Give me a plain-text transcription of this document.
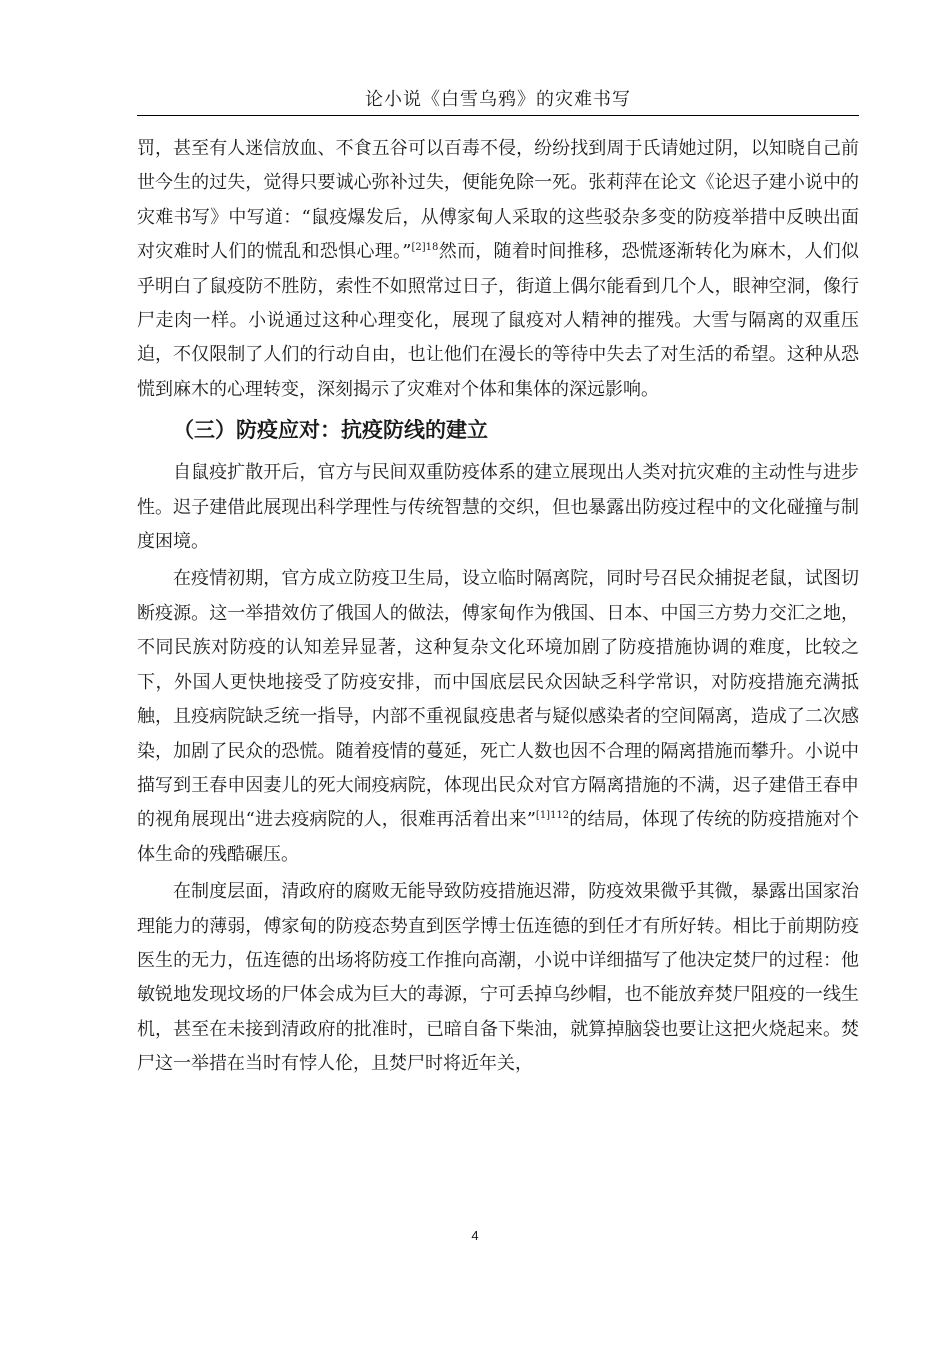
论小说《白雪乌鸦》的灾难书写

罚，甚至有人迷信放血、不食五谷可以百毒不侵，纷纷找到周于氏请她过阴，以知晓自己前世今生的过失，觉得只要诚心弥补过失，便能免除一死。张莉萍在论文《论迟子建小说中的灾难书写》中写道：“鼠疫爆发后，从傅家甸人采取的这些驳杂多变的防疫举措中反映出面对灾难时人们的慌乱和恐惧心理。”$^{[2]18}$然而，随着时间推移，恐慌逐渐转化为麻木，人们似乎明白了鼠疫防不胜防，索性不如照常过日子，街道上偶尔能看到几个人，眼神空洞，像行尸走肉一样。小说通过这种心理变化，展现了鼠疫对人精神的摧残。大雪与隔离的双重压迫，不仅限制了人们的行动自由，也让他们在漫长的等待中失去了对生活的希望。这种从恐慌到麻木的心理转变，深刻揭示了灾难对个体和集体的深远影响。

（三）防疫应对：抗疫防线的建立

自鼠疫扩散开后，官方与民间双重防疫体系的建立展现出人类对抗灾难的主动性与进步性。迟子建借此展现出科学理性与传统智慧的交织，但也暴露出防疫过程中的文化碰撞与制度困境。

在疫情初期，官方成立防疫卫生局，设立临时隔离院，同时号召民众捕捉老鼠，试图切断疫源。这一举措效仿了俄国人的做法，傅家甸作为俄国、日本、中国三方势力交汇之地，不同民族对防疫的认知差异显著，这种复杂文化环境加剧了防疫措施协调的难度，比较之下，外国人更快地接受了防疫安排，而中国底层民众因缺乏科学常识，对防疫措施充满抵触，且疫病院缺乏统一指导，内部不重视鼠疫患者与疑似感染者的空间隔离，造成了二次感染，加剧了民众的恐慌。随着疫情的蔓延，死亡人数也因不合理的隔离措施而攀升。小说中描写到王春申因妻儿的死大闹疫病院，体现出民众对官方隔离措施的不满，迟子建借王春申的视角展现出“进去疫病院的人，很难再活着出来”$^{[1]112}$的结局，体现了传统的防疫措施对个体生命的残酷碾压。

在制度层面，清政府的腐败无能导致防疫措施迟滞，防疫效果微乎其微，暴露出国家治理能力的薄弱，傅家甸的防疫态势直到医学博士伍连德的到任才有所好转。相比于前期防疫医生的无力，伍连德的出场将防疫工作推向高潮，小说中详细描写了他决定焚尸的过程：他敏锐地发现坟场的尸体会成为巨大的毒源，宁可丢掉乌纱帽，也不能放弃焚尸阻疫的一线生机，甚至在未接到清政府的批准时，已暗自备下柴油，就算掉脑袋也要让这把火烧起来。焚尸这一举措在当时有悖人伦，且焚尸时将近年关，

4
